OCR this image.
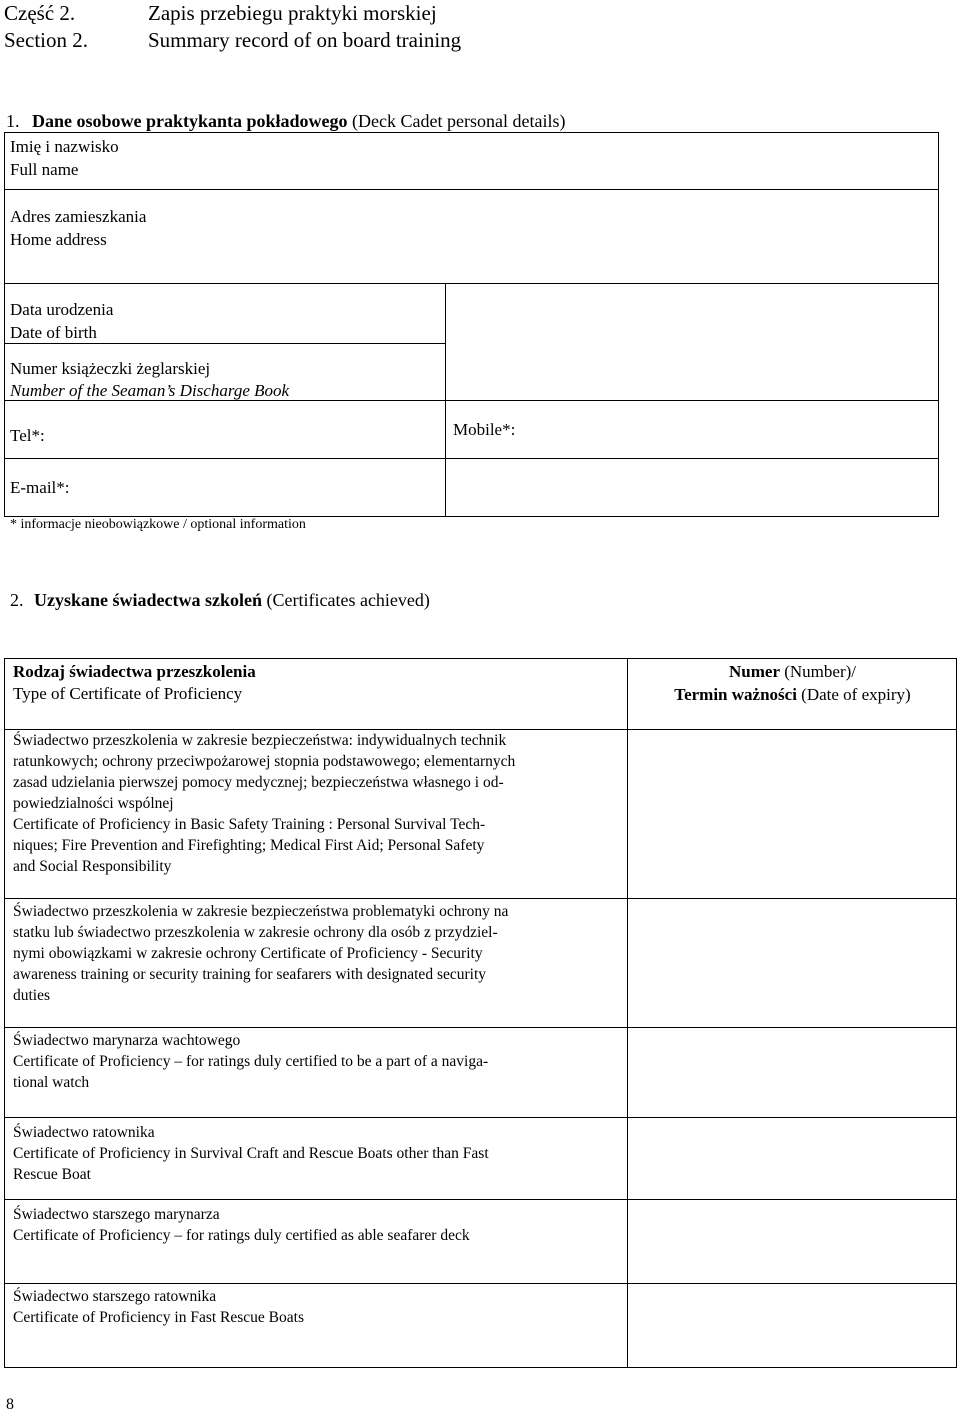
Część 2.
Section 2.
Zapis przebiegu praktyki morskiej
Summary record of on board training
1. Dane osobowe praktykanta pokładowego (Deck Cadet personal details)
Imię i nazwisko
Full name
Adres zamieszkania
Home address
Data urodzenia
Date of birth
Numer książeczki żeglarskiej
Number of the Seaman’s Discharge Book
Tel*:	Mobile*:
E-mail*:
* informacje nieobowiązkowe / optional information
2. Uzyskane świadectwa szkoleń (Certificates achieved)
Rodzaj świadectwa przeszkolenia
Type of Certificate of Proficiency
Numer (Number)/
Termin ważności (Date of expiry)
Świadectwo przeszkolenia w zakresie bezpieczeństwa: indywidualnych technik
ratunkowych; ochrony przeciwpożarowej stopnia podstawowego; elementarnych
zasad udzielania pierwszej pomocy medycznej; bezpieczeństwa własnego i od-
powiedzialności wspólnej
Certificate of Proficiency in Basic Safety Training : Personal Survival Tech-
niques; Fire Prevention and Firefighting; Medical First Aid; Personal Safety
and Social Responsibility
Świadectwo przeszkolenia w zakresie bezpieczeństwa problematyki ochrony na
statku lub świadectwo przeszkolenia w zakresie ochrony dla osób z przydziel-
nymi obowiązkami w zakresie ochrony Certificate of Proficiency - Security
awareness training or security training for seafarers with designated security
duties
Świadectwo marynarza wachtowego
Certificate of Proficiency – for ratings duly certified to be a part of a naviga-
tional watch
Świadectwo ratownika
Certificate of Proficiency in Survival Craft and Rescue Boats other than Fast
Rescue Boat
Świadectwo starszego marynarza
Certificate of Proficiency – for ratings duly certified as able seafarer deck
Świadectwo starszego ratownika
Certificate of Proficiency in Fast Rescue Boats
8
